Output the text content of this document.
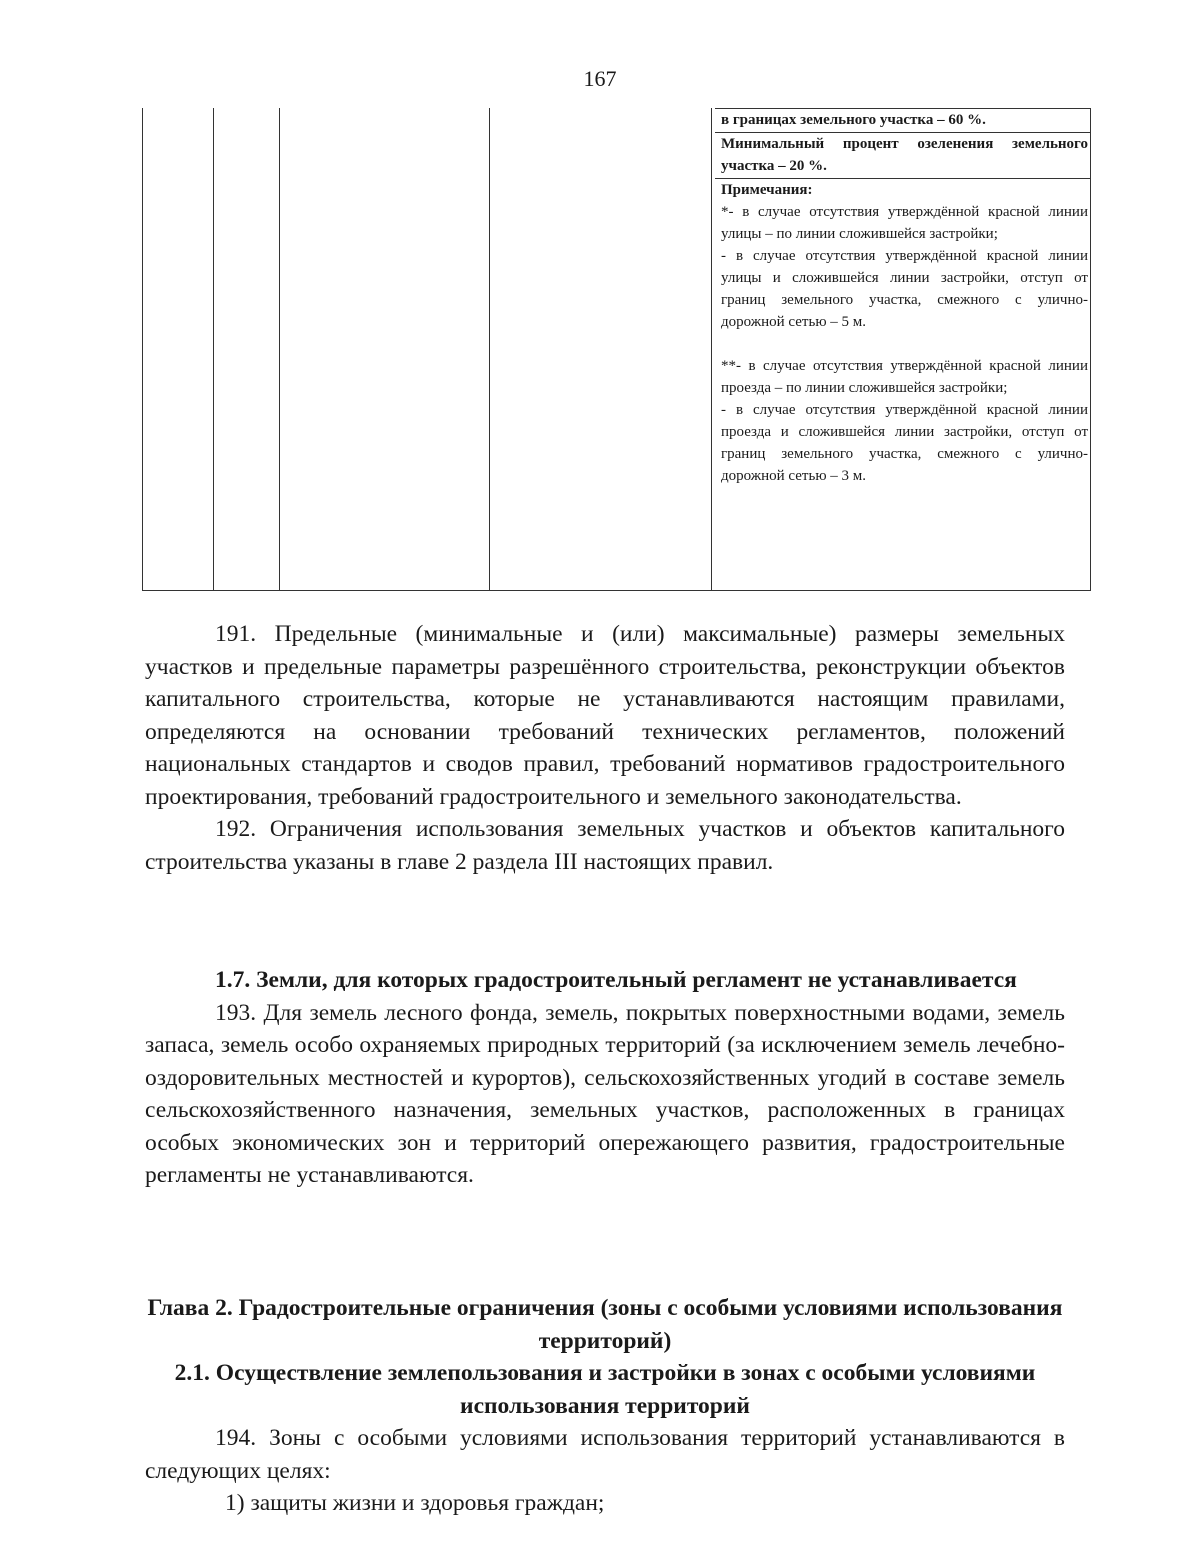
167
в границах земельного участка – 60 %.
Минимальный процент озеленения земельного участка – 20 %.

Примечания:

*- в случае отсутствия утверждённой красной линии улицы – по линии сложившейся застройки;

- в случае отсутствия утверждённой красной линии улицы и сложившейся линии застройки, отступ от границ земельного участка, смежного с улично-дорожной сетью – 5 м.

**- в случае отсутствия утверждённой красной линии проезда – по линии сложившейся застройки;

- в случае отсутствия утверждённой красной линии проезда и сложившейся линии застройки, отступ от границ земельного участка, смежного с улично-дорожной сетью – 3 м.

191. Предельные (минимальные и (или) максимальные) размеры земельных участков и предельные параметры разрешённого строительства, реконструкции объектов капитального строительства, которые не устанавливаются настоящим правилами, определяются на основании требований технических регламентов, положений национальных стандартов и сводов правил, требований нормативов градостроительного проектирования, требований градостроительного и земельного законодательства.

192. Ограничения использования земельных участков и объектов капитального строительства указаны в главе 2 раздела III настоящих правил.

1.7. Земли, для которых градостроительный регламент не устанавливается

193. Для земель лесного фонда, земель, покрытых поверхностными водами, земель запаса, земель особо охраняемых природных территорий (за исключением земель лечебно-оздоровительных местностей и курортов), сельскохозяйственных угодий в составе земель сельскохозяйственного назначения, земельных участков, расположенных в границах особых экономических зон и территорий опережающего развития, градостроительные регламенты не устанавливаются.

Глава 2. Градостроительные ограничения (зоны с особыми условиями использования территорий)

2.1. Осуществление землепользования и застройки в зонах с особыми условиями использования территорий

194. Зоны с особыми условиями использования территорий устанавливаются в следующих целях:

1) защиты жизни и здоровья граждан;
